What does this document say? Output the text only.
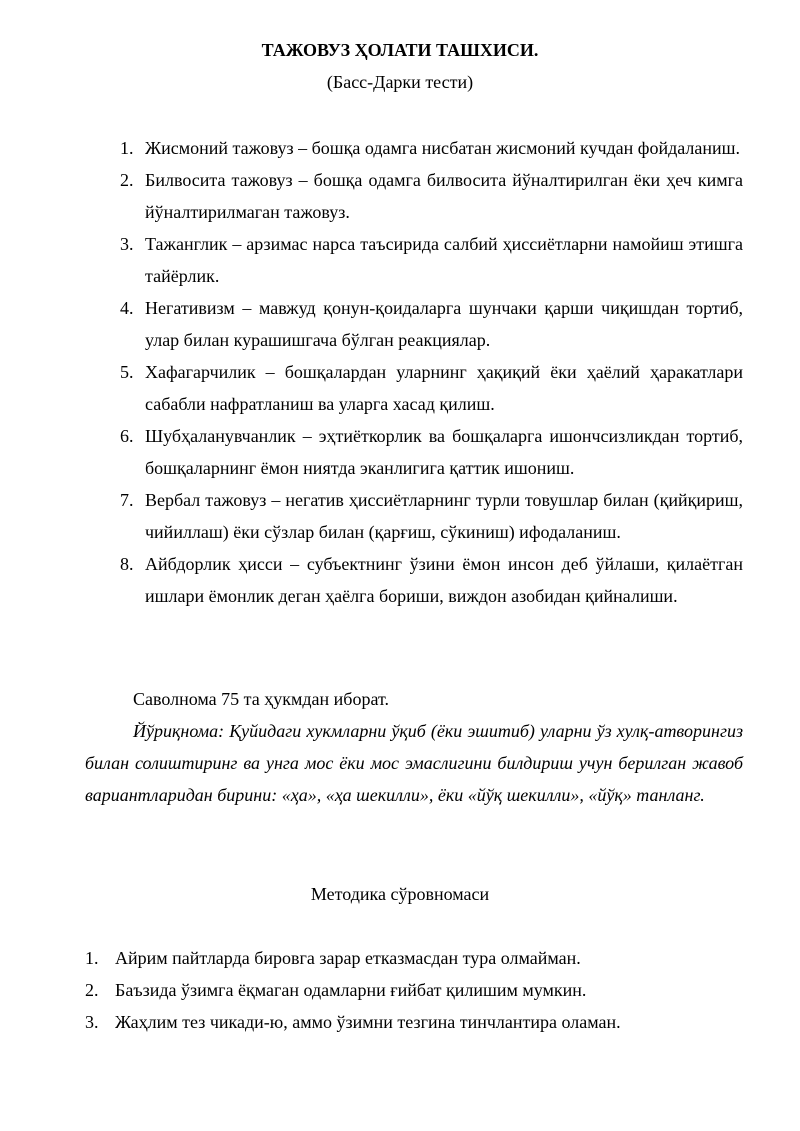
ТАЖОВУЗ ҲОЛАТИ ТАШХИСИ.
(Басс-Дарки тести)
1. Жисмоний тажовуз – бошқа одамга нисбатан жисмоний кучдан фойдаланиш.
2. Билвосита тажовуз – бошқа одамга билвосита йўналтирилган ёки ҳеч кимга йўналтирилмаган тажовуз.
3. Тажанглик – арзимас нарса таъсирида салбий ҳиссиётларни намойиш этишга тайёрлик.
4. Негативизм – мавжуд қонун-қоидаларга шунчаки қарши чиқишдан тортиб, улар билан курашишгача бўлган реакциялар.
5. Хафагарчилик – бошқалардан уларнинг ҳақиқий ёки ҳаёлий ҳаракатлари сабабли нафратланиш ва уларга хасад қилиш.
6. Шубҳаланувчанлик – эҳтиёткорлик ва бошқаларга ишончсизликдан тортиб, бошқаларнинг ёмон ниятда эканлигига қаттик ишониш.
7. Вербал тажовуз – негатив ҳиссиётларнинг турли товушлар билан (қийқириш, чийиллаш) ёки сўзлар билан (қарғиш, сўкиниш) ифодаланиш.
8. Айбдорлик ҳисси – субъектнинг ўзини ёмон инсон деб ўйлаши, қилаётган ишлари ёмонлик деган ҳаёлга бориши, виждон азобидан қийналиши.
Саволнома 75 та ҳукмдан иборат.

Йўриқнома: Қуйидаги хукмларни ўқиб (ёки эшитиб) уларни ўз хулқ-атворингиз билан солиштиринг ва унга мос ёки мос эмаслигини билдириш учун берилган жавоб вариантларидан бирини: «ҳа», «ҳа шекилли», ёки «йўқ шекилли», «йўқ» танланг.

Методика сўровномаси
1. Айрим пайтларда бировга зарар етказмасдан тура олмайман.
2. Баъзида ўзимга ёқмаган одамларни ғийбат қилишим мумкин.
3. Жаҳлим тез чикади-ю, аммо ўзимни тезгина тинчлантира оламан.
